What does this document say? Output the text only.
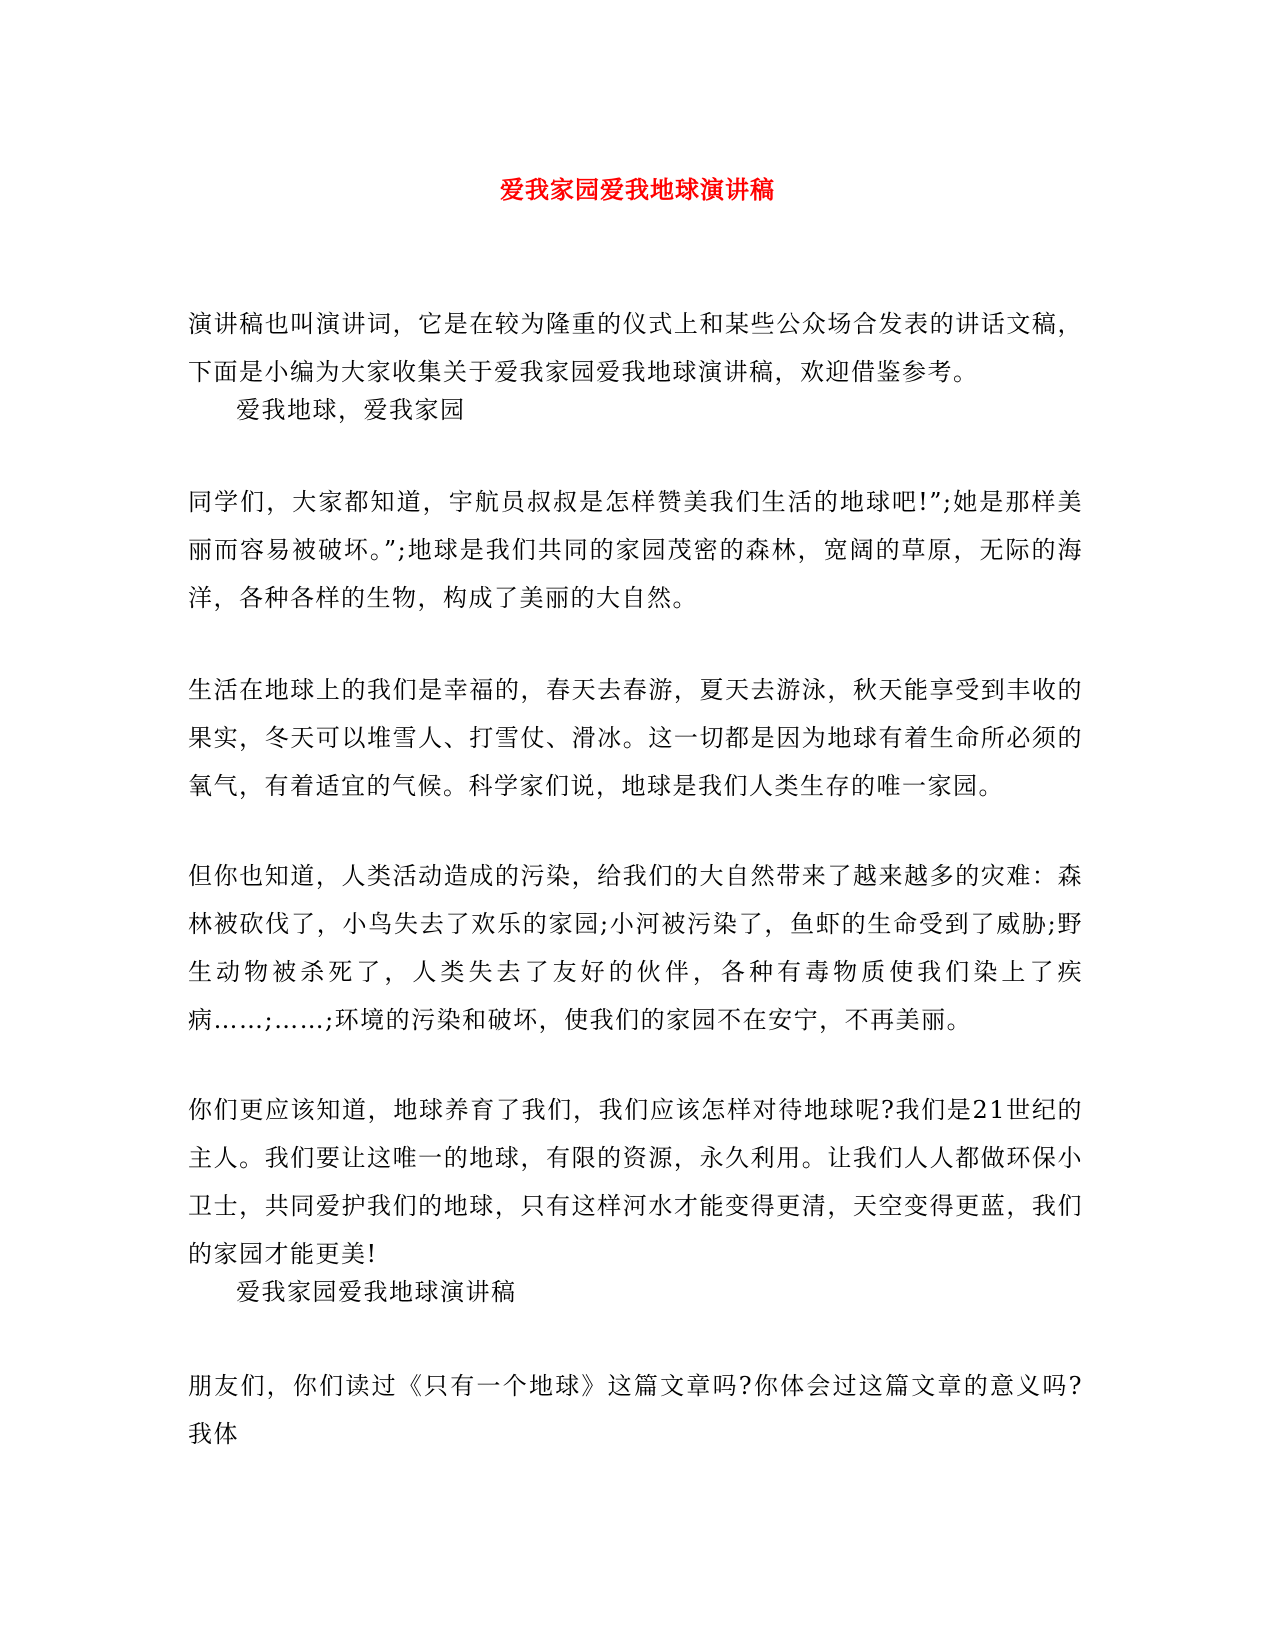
爱我家园爱我地球演讲稿

演讲稿也叫演讲词，它是在较为隆重的仪式上和某些公众场合发表的讲话文稿，下面是小编为大家收集关于爱我家园爱我地球演讲稿，欢迎借鉴参考。

爱我地球，爱我家园

同学们，大家都知道，宇航员叔叔是怎样赞美我们生活的地球吧!”;她是那样美丽而容易被破坏。”;地球是我们共同的家园茂密的森林，宽阔的草原，无际的海洋，各种各样的生物，构成了美丽的大自然。

生活在地球上的我们是幸福的，春天去春游，夏天去游泳，秋天能享受到丰收的果实，冬天可以堆雪人、打雪仗、滑冰。这一切都是因为地球有着生命所必须的氧气，有着适宜的气候。科学家们说，地球是我们人类生存的唯一家园。

但你也知道，人类活动造成的污染，给我们的大自然带来了越来越多的灾难：森林被砍伐了，小鸟失去了欢乐的家园;小河被污染了，鱼虾的生命受到了威胁;野生动物被杀死了，人类失去了友好的伙伴，各种有毒物质使我们染上了疾病……;……;环境的污染和破坏，使我们的家园不在安宁，不再美丽。

你们更应该知道，地球养育了我们，我们应该怎样对待地球呢?我们是21世纪的主人。我们要让这唯一的地球，有限的资源，永久利用。让我们人人都做环保小卫士，共同爱护我们的地球，只有这样河水才能变得更清，天空变得更蓝，我们的家园才能更美!

爱我家园爱我地球演讲稿

朋友们，你们读过《只有一个地球》这篇文章吗?你体会过这篇文章的意义吗?我体
